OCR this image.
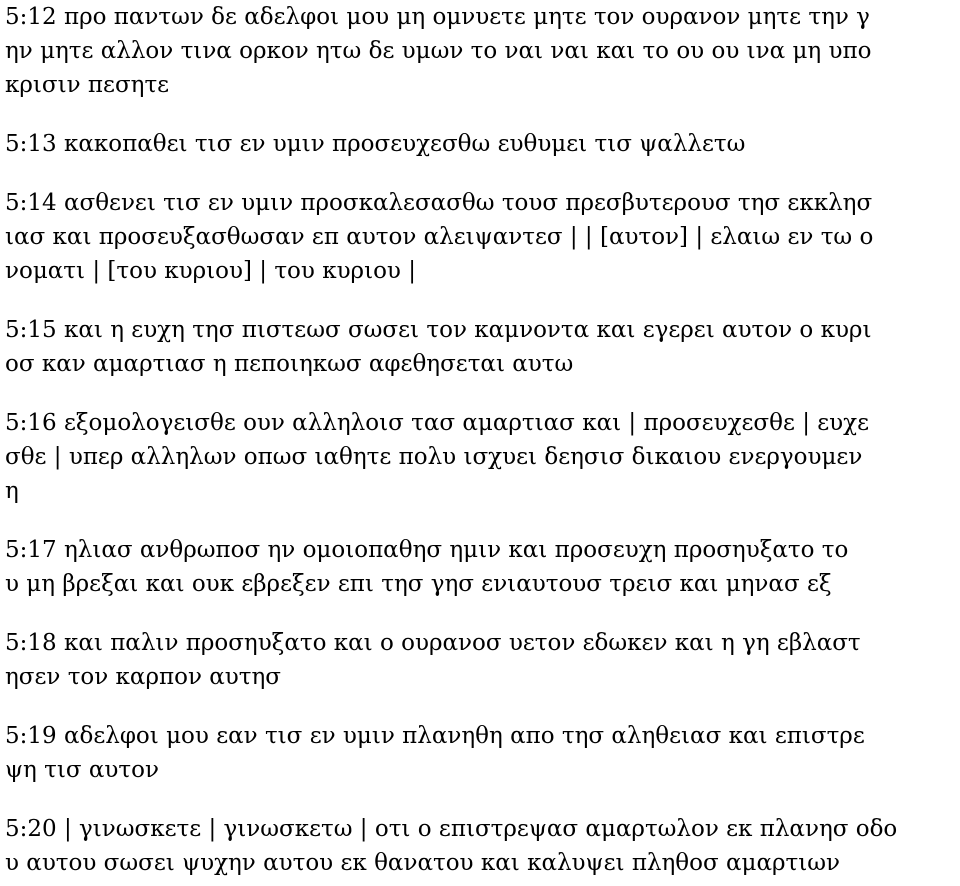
5:12 προ παντων δε αδελφοι μου μη ομνυετε μητε τον ουρανον μητε την γ
ην μητε αλλον τινα ορκον ητω δε υμων το ναι ναι και το ου ου ινα μη υπο
κρισιν πεσητε
5:13 κακοπαθει τισ εν υμιν προσευχεσθω ευθυμει τισ ψαλλετω
5:14 ασθενει τισ εν υμιν προσκαλεσασθω τουσ πρεσβυτερουσ τησ εκκλησ
ιασ και προσευξασθωσαν επ αυτον αλειψαντεσ | | [αυτον] | ελαιω εν τω ο
νοματι | [του κυριου] | του κυριου |
5:15 και η ευχη τησ πιστεωσ σωσει τον καμνοντα και εγερει αυτον ο κυρι
οσ καν αμαρτιασ η πεποιηκωσ αφεθησεται αυτω
5:16 εξομολογεισθε ουν αλληλοισ τασ αμαρτιασ και | προσευχεσθε | ευχε
σθε | υπερ αλληλων οπωσ ιαθητε πολυ ισχυει δεησισ δικαιου ενεργουμεν
η
5:17 ηλιασ ανθρωποσ ην ομοιοπαθησ ημιν και προσευχη προσηυξατο το
υ μη βρεξαι και ουκ εβρεξεν επι τησ γησ ενιαυτουσ τρεισ και μηνασ εξ
5:18 και παλιν προσηυξατο και ο ουρανοσ υετον εδωκεν και η γη εβλαστ
ησεν τον καρπον αυτησ
5:19 αδελφοι μου εαν τισ εν υμιν πλανηθη απο τησ αληθειασ και επιστρε
ψη τισ αυτον
5:20 | γινωσκετε | γινωσκετω | οτι ο επιστρεψασ αμαρτωλον εκ πλανησ οδο
υ αυτου σωσει ψυχην αυτου εκ θανατου και καλυψει πληθοσ αμαρτιων
